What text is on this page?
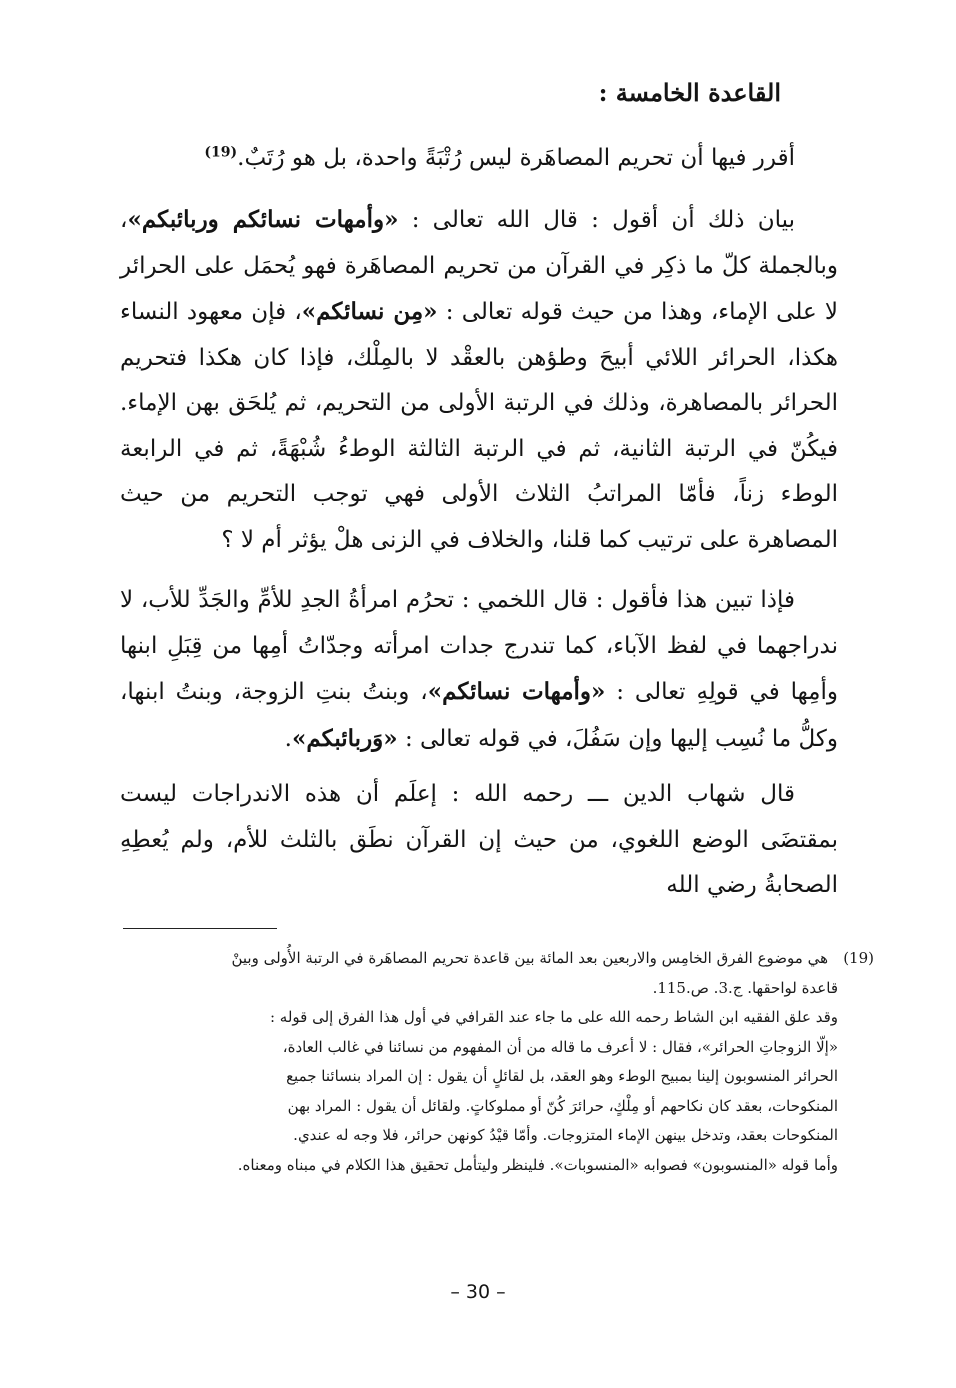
القاعدة الخامسة :

أقرر فيها أن تحريم المصاهَرة ليس رُتْبَةً واحدة، بل هو رُتَبٌ.$^{(19)}$

بيان ذلك أن أقول : قال الله تعالى : «وأمهات نسائكم وربائبكم»، وبالجملة كلّ ما ذكِر في القرآن من تحريم المصاهَرة فهو يُحمَل على الحرائر لا على الإماء، وهذا من حيث قوله تعالى : «مِن نسائكم»، فإن معهود النساء هكذا، الحرائر اللائي أبيحَ وطؤهن بالعقْد لا بالمِلْك، فإذا كان هكذا فتحريم الحرائر بالمصاهرة، وذلك في الرتبة الأولى من التحريم، ثم يُلحَق بهن الإماء. فيكُنّ في الرتبة الثانية، ثم في الرتبة الثالثة الوطءُ شُبْهَةً، ثم في الرابعة الوطء زناً، فأمّا المراتبُ الثلاث الأولى فهي توجب التحريم من حيث المصاهرة على ترتيب كما قلنا، والخلاف في الزنى هلْ يؤثر أم لا ؟

فإذا تبين هذا فأقول : قال اللخمي : تحرُم امرأةُ الجدِ للأمِّ والجَدِّ للأب، لا ندراجهما في لفظ الآباء، كما تندرج جدات امرأته وجدّاتُ أمِها من قِبَلِ ابنها وأمِها في قولِهِ تعالى : «وأمهات نسائكم»، وبنتُ بنتِ الزوجة، وبنتُ ابنها، وكلُّ ما نُسِب إليها وإن سَفُلَ، في قوله تعالى : «وَربائبكم».

قال شهاب الدين ـــ رحمه الله : إعلَم أن هذه الاندراجات ليست بمقتضَى الوضع اللغوي، من حيث إن القرآن نطَق بالثلث للأم، ولم يُعطِهِ الصحابةُ رضي الله

(19)
هي موضوع الفرق الخامِس والاربعين بعد المائة بين قاعدة تحريم المصاهَرة في الرتبة الأُولى وبينْ
قاعدة لواحقها. ج.3. ص.115.
وقد علق الفقيه ابن الشاط رحمه الله على ما جاء عند القرافي في أول هذا الفرق إلى قوله :
«إلّا الزوجاتِ الحرائر»، فقال : لا أعرف ما قاله من أن المفهوم من نسائنا في غالب العادة،
الحرائر المنسوبون إلينا بمبيح الوطء وهو العقد، بل لقائلٍ أن يقول : إن المراد بنسائنا جميع
المنكوحات، بعقد كان نكاحهم أو مِلْكٍ، حرائرَ كُنّ أو مملوكاتٍ. ولقائل أن يقول : المراد بهن
المنكوحات بعقد، وتدخل بينهن الإماء المتزوجات. وأمّا قيْدُ كونهن حرائر، فلا وجه له عندي.
وأما قوله «المنسوبون» فصوابه «المنسوبات». فلينظر وليتأمل تحقيق هذا الكلام في مبناه ومعناه.
– 30 –
